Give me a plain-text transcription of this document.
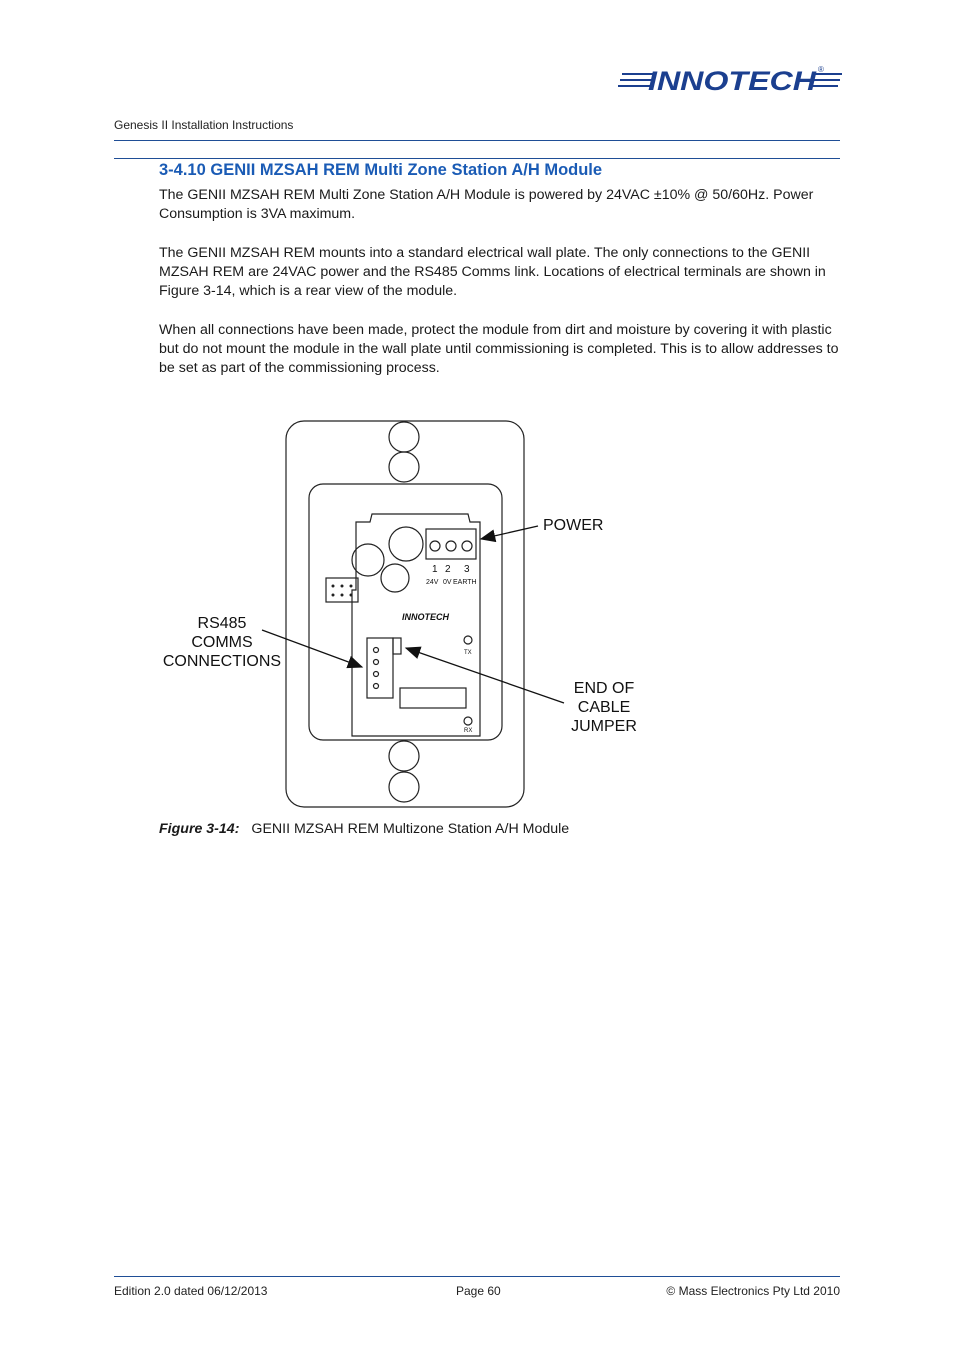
INNOTECH ®
Genesis II Installation Instructions
3-4.10 GENII MZSAH REM Multi Zone Station A/H Module

The GENII MZSAH REM Multi Zone Station A/H Module is powered by 24VAC ±10% @ 50/60Hz. Power Consumption is 3VA maximum.

The GENII MZSAH REM mounts into a standard electrical wall plate. The only connections to the GENII MZSAH REM are 24VAC power and the RS485 Comms link. Locations of electrical terminals are shown in Figure 3-14, which is a rear view of the module.

When all connections have been made, protect the module from dirt and moisture by covering it with plastic but do not mount the module in the wall plate until commissioning is completed. This is to allow addresses to be set as part of the commissioning process.

1 2 3
24V 0V EARTH
INNOTECH
TX
RX
POWER
RS485
COMMS
CONNECTIONS
END OF
CABLE
JUMPER
Figure 3-14: GENII MZSAH REM Multizone Station A/H Module
Edition 2.0 dated 06/12/2013	Page 60	© Mass Electronics Pty Ltd 2010
